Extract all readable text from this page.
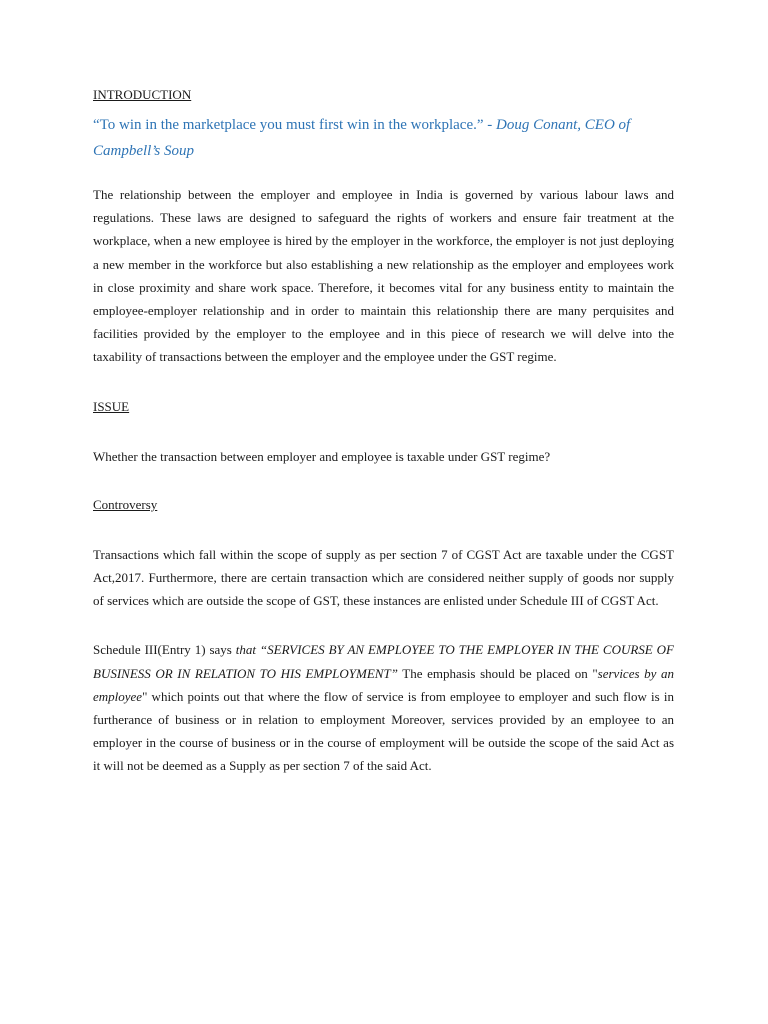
INTRODUCTION

“To win in the marketplace you must first win in the workplace.” - Doug Conant, CEO of Campbell’s Soup

The relationship between the employer and employee in India is governed by various labour laws and regulations. These laws are designed to safeguard the rights of workers and ensure fair treatment at the workplace, when a new employee is hired by the employer in the workforce, the employer is not just deploying a new member in the workforce but also establishing a new relationship as the employer and employees work in close proximity and share work space. Therefore, it becomes vital for any business entity to maintain the employee-employer relationship and in order to maintain this relationship there are many perquisites and facilities provided by the employer to the employee and in this piece of research we will delve into the taxability of transactions between the employer and the employee under the GST regime.

ISSUE

Whether the transaction between employer and employee is taxable under GST regime?

Controversy

Transactions which fall within the scope of supply as per section 7 of CGST Act are taxable under the CGST Act,2017. Furthermore, there are certain transaction which are considered neither supply of goods nor supply of services which are outside the scope of GST, these instances are enlisted under Schedule III of CGST Act.

Schedule III(Entry 1) says that “SERVICES BY AN EMPLOYEE TO THE EMPLOYER IN THE COURSE OF BUSINESS OR IN RELATION TO HIS EMPLOYMENT” The emphasis should be placed on "services by an employee" which points out that where the flow of service is from employee to employer and such flow is in furtherance of business or in relation to employment Moreover, services provided by an employee to an employer in the course of business or in the course of employment will be outside the scope of the said Act as it will not be deemed as a Supply as per section 7 of the said Act.
